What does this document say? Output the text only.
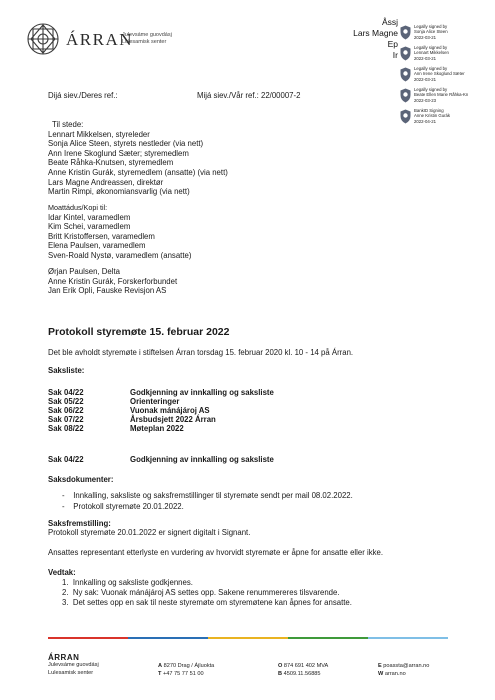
ÁRRAN
Julevsáme guovdásj
Lulesamisk senter
Åssj
Lars Magne
Ep
Ir
Legally signed by
Sonja Alice Steen
2022-03-21
Legally signed by
Lennart Mikkelsen
2022-03-21
Legally signed by
Ann Irene Skoglund Sæter
2022-03-21
Legally signed by
Beate Ellen Marie Råhka-Kn
2022-03-23
BankID Signing
Anne Kristin Gurák
2022-04-21
Dijá siev./Deres ref.:	Mijá siev./Vår ref.: 22/00007-2
Til stede:
Lennart Mikkelsen, styreleder
Sonja Alice Steen, styrets nestleder (via nett)
Ann Irene Skoglund Sæter; styremedlem
Beate Råhka-Knutsen, styremedlem
Anne Kristin Gurák, styremedlem (ansatte) (via nett)
Lars Magne Andreassen, direktør
Martin Rimpi, økonomiansvarlig (via nett)
Moattádus/Kopi til:
Idar Kintel, varamedlem
Kim Schei, varamedlem
Britt Kristoffersen, varamedlem
Elena Paulsen, varamedlem
Sven-Roald Nystø, varamedlem (ansatte)
Ørjan Paulsen, Delta
Anne Kristin Gurák, Forskerforbundet
Jan Erik Opli, Fauske Revisjon AS
Protokoll styremøte 15. februar 2022
Det ble avholdt styremøte i stiftelsen Árran torsdag 15. februar 2020 kl. 10 - 14 på Árran.
Saksliste:
Sak 04/22	Godkjenning av innkalling og saksliste
Sak 05/22	Orienteringer
Sak 06/22	Vuonak mánájároj AS
Sak 07/22	Årsbudsjett 2022 Árran
Sak 08/22	Møteplan 2022
Sak 04/22	Godkjenning av innkalling og saksliste
Saksdokumenter:
-    Innkalling, saksliste og saksfremstillinger til styremøte sendt per mail 08.02.2022.
-    Protokoll styremøte 20.01.2022.
Saksfremstilling:
Protokoll styremøte 20.01.2022 er signert digitalt i Signant.
Ansattes representant etterlyste en vurdering av hvorvidt styremøte er åpne for ansatte eller ikke.
Vedtak:
1.  Innkalling og saksliste godkjennes.
2.  Ny sak: Vuonak mánájároj AS settes opp. Sakene renummereres tilsvarende.
3.  Det settes opp en sak til neste styremøte om styremøtene kan åpnes for ansatte.
ÁRRAN
Julevsáme guovdásj
Lulesamisk senter
A 8270 Drag / Ájluokta
T +47 75 77 51 00
O 874 691 402 MVA
B 4509.11.56885
E poassta@arran.no
W arran.no
